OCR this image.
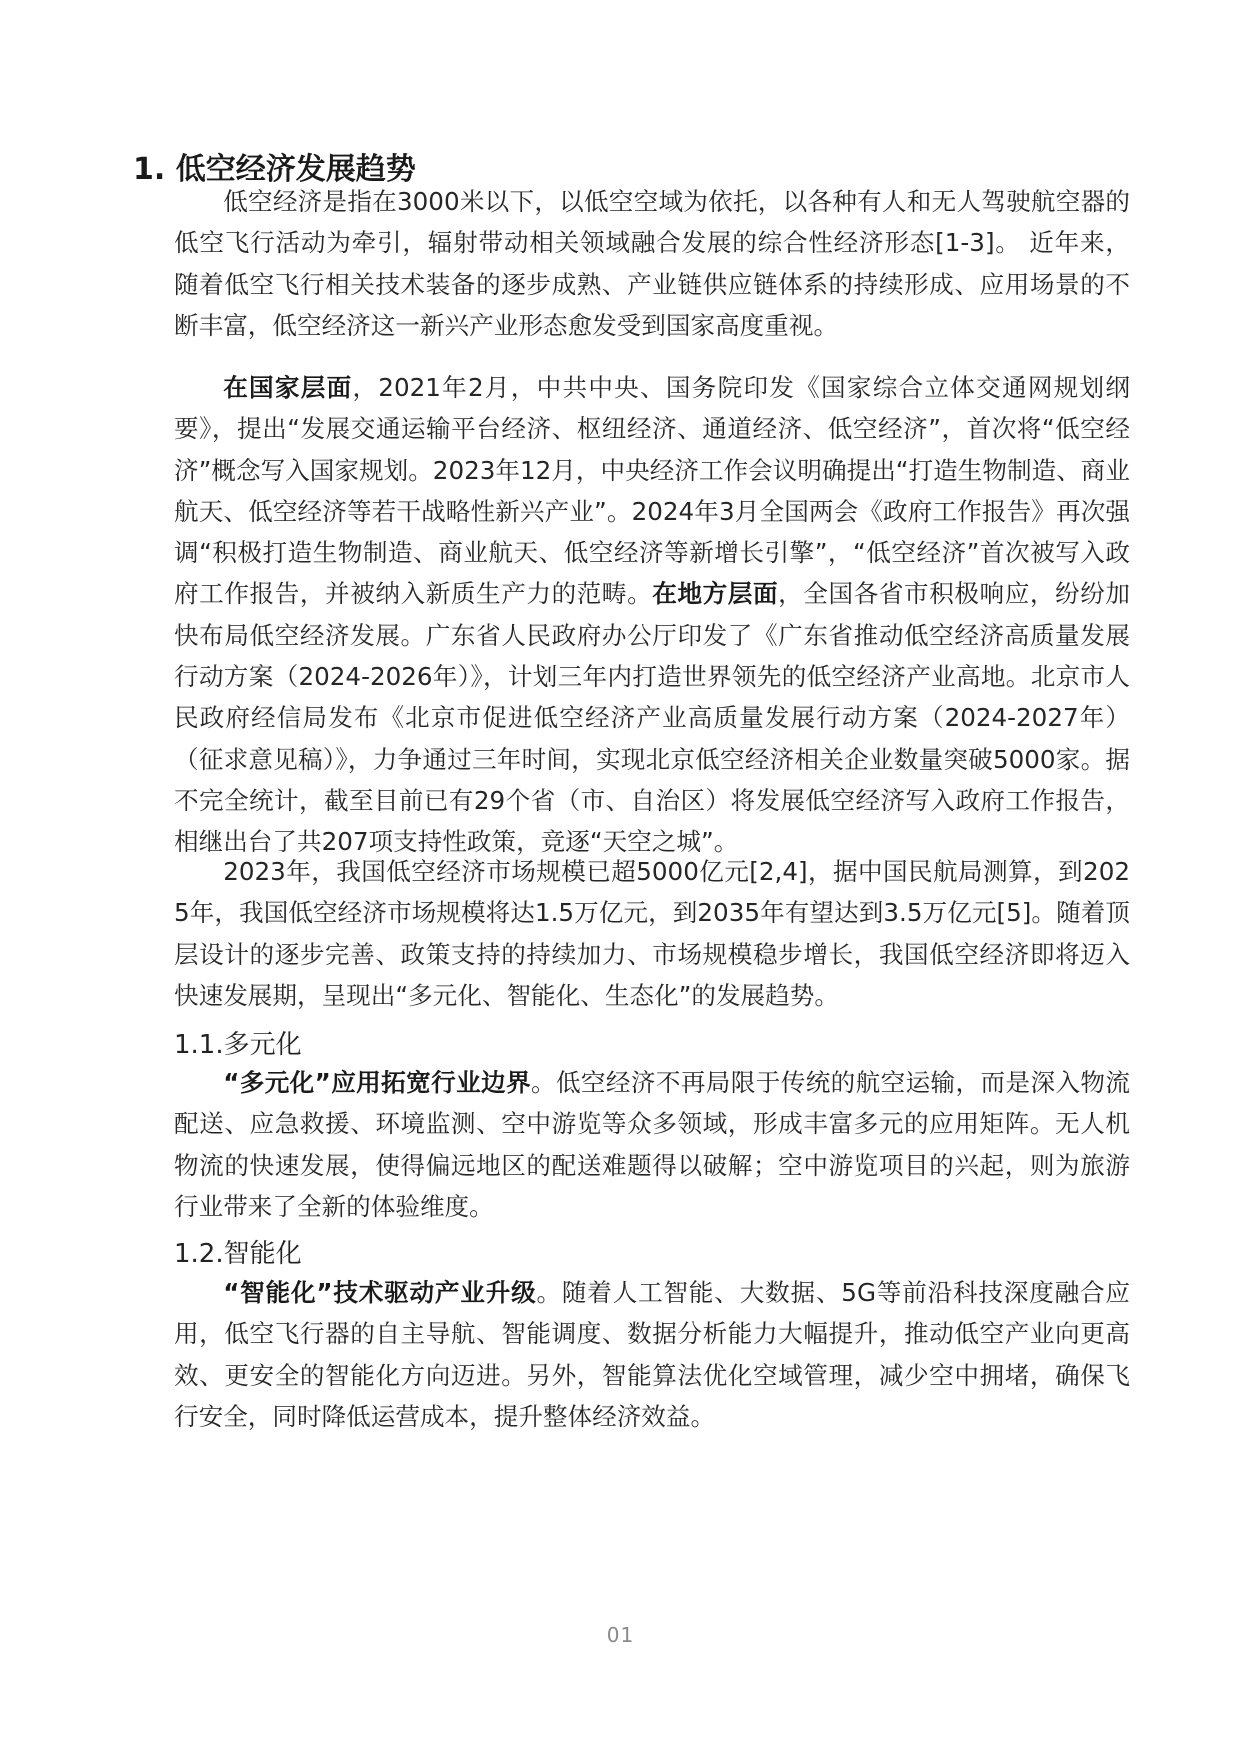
1. 低空经济发展趋势

低空经济是指在3000米以下，以低空空域为依托，以各种有人和无人驾驶航空器的低空飞行活动为牵引，辐射带动相关领域融合发展的综合性经济形态[1-3]。 近年来， 随着低空飞行相关技术装备的逐步成熟、产业链供应链体系的持续形成、应用场景的不断丰富，低空经济这一新兴产业形态愈发受到国家高度重视。

在国家层面，2021年2月，中共中央、国务院印发《国家综合立体交通网规划纲要》，提出“发展交通运输平台经济、枢纽经济、通道经济、低空经济”，首次将“低空经济”概念写入国家规划。2023年12月，中央经济工作会议明确提出“打造生物制造、商业航天、低空经济等若干战略性新兴产业”。2024年3月全国两会《政府工作报告》再次强调“积极打造生物制造、商业航天、低空经济等新增长引擎”，“低空经济”首次被写入政府工作报告，并被纳入新质生产力的范畴。在地方层面，全国各省市积极响应，纷纷加快布局低空经济发展。广东省人民政府办公厅印发了《广东省推动低空经济高质量发展行动方案（2024-2026年）》，计划三年内打造世界领先的低空经济产业高地。北京市人民政府经信局发布《北京市促进低空经济产业高质量发展行动方案（2024-2027年）（征求意见稿）》，力争通过三年时间，实现北京低空经济相关企业数量突破5000家。据不完全统计，截至目前已有29个省（市、自治区）将发展低空经济写入政府工作报告，相继出台了共207项支持性政策，竞逐“天空之城”。

2023年，我国低空经济市场规模已超5000亿元[2,4]，据中国民航局测算，到2025年，我国低空经济市场规模将达1.5万亿元，到2035年有望达到3.5万亿元[5]。随着顶层设计的逐步完善、政策支持的持续加力、市场规模稳步增长，我国低空经济即将迈入快速发展期，呈现出“多元化、智能化、生态化”的发展趋势。

1.1.多元化

“多元化”应用拓宽行业边界。低空经济不再局限于传统的航空运输，而是深入物流配送、应急救援、环境监测、空中游览等众多领域，形成丰富多元的应用矩阵。无人机物流的快速发展，使得偏远地区的配送难题得以破解；空中游览项目的兴起，则为旅游行业带来了全新的体验维度。

1.2.智能化

“智能化”技术驱动产业升级。随着人工智能、大数据、5G等前沿科技深度融合应用，低空飞行器的自主导航、智能调度、数据分析能力大幅提升，推动低空产业向更高效、更安全的智能化方向迈进。另外，智能算法优化空域管理，减少空中拥堵，确保飞行安全，同时降低运营成本，提升整体经济效益。

01
